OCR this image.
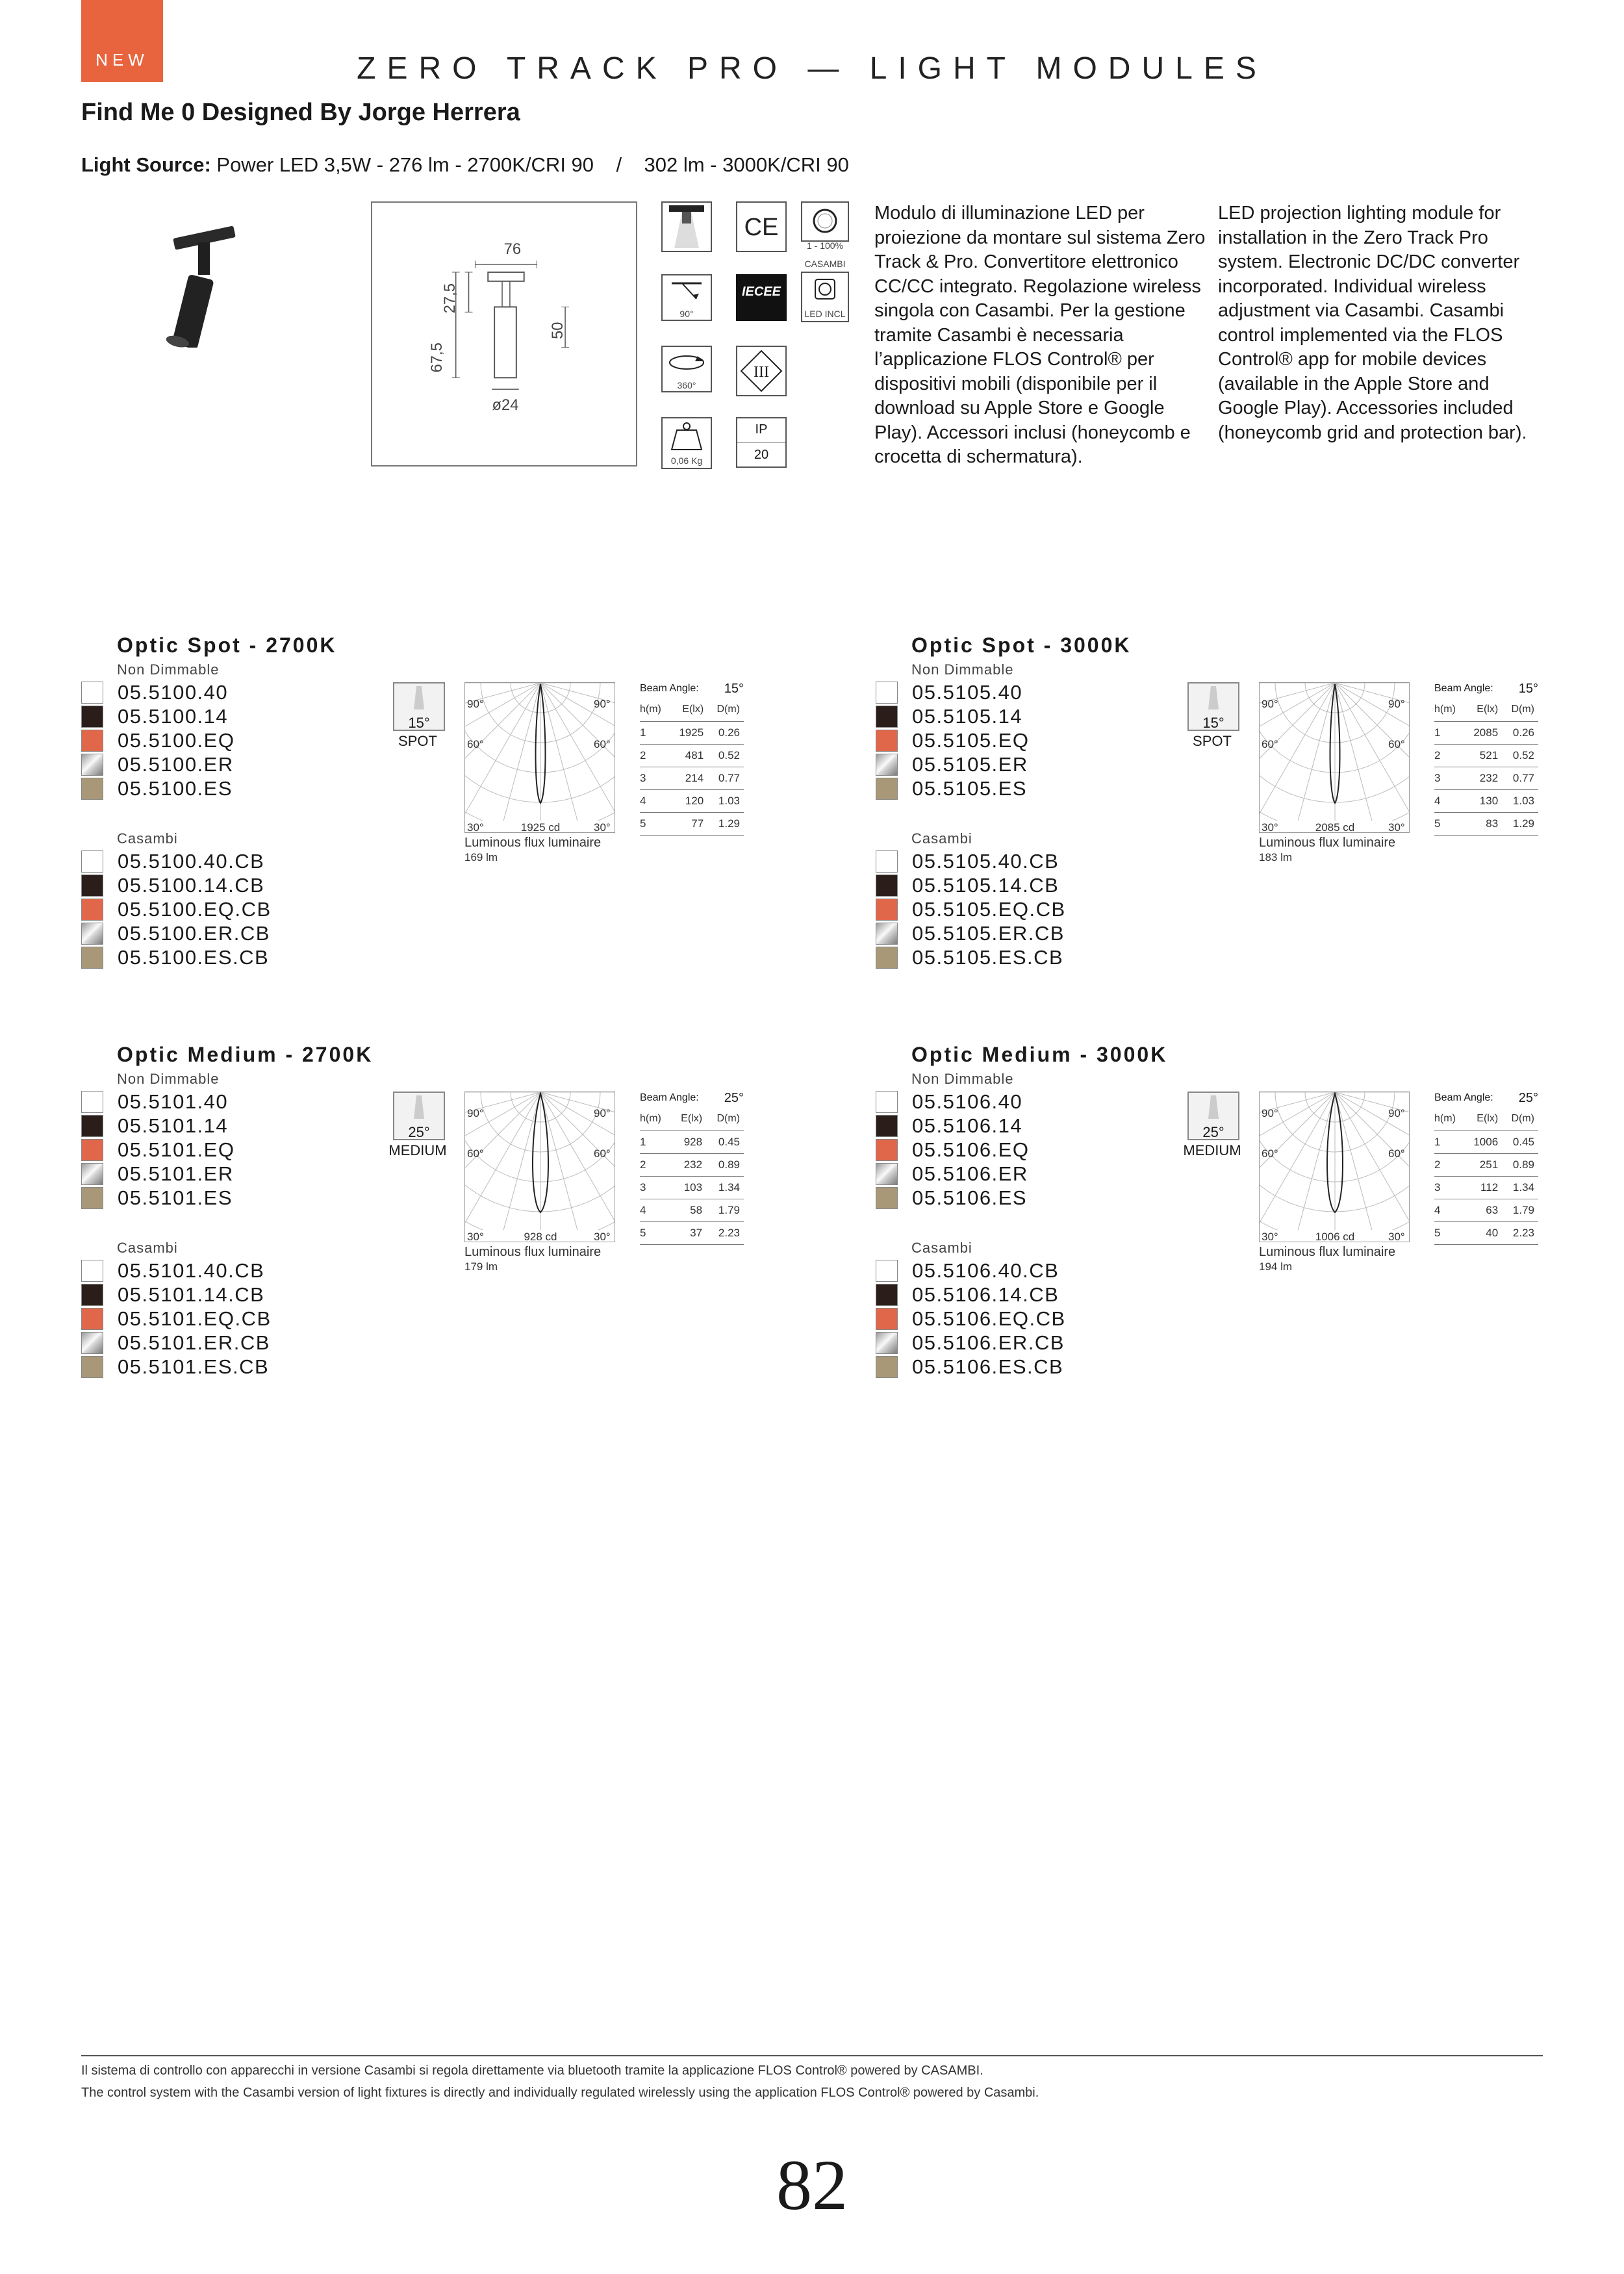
NEW	ZERO TRACK PRO — LIGHT MODULES
Find Me 0 Designed By Jorge Herrera
Light Source: Power LED 3,5W - 276 lm - 2700K/CRI 90    /    302 lm - 3000K/CRI 90
76
27,5
67,5
50
ø24
CE
1 - 100%
CASAMBI
90°
IECEE
LED INCL
360°
III
0,06 Kg
IP
20
Modulo di illuminazione LED per proiezione da montare sul sistema Zero Track & Pro. Convertitore elettronico CC/CC integrato. Regolazione wireless singola con Casambi. Per la gestione tramite Casambi è necessaria l’applicazione FLOS Control® per dispositivi mobili (disponibile per il download su Apple Store e Google Play). Accessori inclusi (honeycomb e crocetta di schermatura).
LED projection lighting module for installation in the Zero Track Pro system. Electronic DC/DC converter incorporated. Individual wireless adjustment via Casambi. Casambi control implemented via the FLOS Control® app for mobile devices (available in the Apple Store and Google Play). Accessories included (honeycomb grid and protection bar).
Optic Spot - 2700K
Non Dimmable
05.5100.40
05.5100.14
05.5100.EQ
05.5100.ER
05.5100.ES
Casambi
05.5100.40.CB
05.5100.14.CB
05.5100.EQ.CB
05.5100.ER.CB
05.5100.ES.CB
15°
SPOT
90°	90°
60°	60°
30°	1925 cd	30°
Luminous flux luminaire
169 lm
Beam Angle: 15°
h(m)	E(lx)	D(m)
1	1925	0.26
2	481	0.52
3	214	0.77
4	120	1.03
5	77	1.29
Optic Spot - 3000K
Non Dimmable
05.5105.40
05.5105.14
05.5105.EQ
05.5105.ER
05.5105.ES
Casambi
05.5105.40.CB
05.5105.14.CB
05.5105.EQ.CB
05.5105.ER.CB
05.5105.ES.CB
15°
SPOT
90°	90°
60°	60°
30°	2085 cd	30°
Luminous flux luminaire
183 lm
Beam Angle: 15°
h(m)	E(lx)	D(m)
1	2085	0.26
2	521	0.52
3	232	0.77
4	130	1.03
5	83	1.29
Optic Medium - 2700K
Non Dimmable
05.5101.40
05.5101.14
05.5101.EQ
05.5101.ER
05.5101.ES
Casambi
05.5101.40.CB
05.5101.14.CB
05.5101.EQ.CB
05.5101.ER.CB
05.5101.ES.CB
25°
MEDIUM
90°	90°
60°	60°
30°	928 cd	30°
Luminous flux luminaire
179 lm
Beam Angle: 25°
h(m)	E(lx)	D(m)
1	928	0.45
2	232	0.89
3	103	1.34
4	58	1.79
5	37	2.23
Optic Medium - 3000K
Non Dimmable
05.5106.40
05.5106.14
05.5106.EQ
05.5106.ER
05.5106.ES
Casambi
05.5106.40.CB
05.5106.14.CB
05.5106.EQ.CB
05.5106.ER.CB
05.5106.ES.CB
25°
MEDIUM
90°	90°
60°	60°
30°	1006 cd	30°
Luminous flux luminaire
194 lm
Beam Angle: 25°
h(m)	E(lx)	D(m)
1	1006	0.45
2	251	0.89
3	112	1.34
4	63	1.79
5	40	2.23
Il sistema di controllo con apparecchi in versione Casambi si regola direttamente via bluetooth tramite la applicazione FLOS Control® powered by CASAMBI.
The control system with the Casambi version of light fixtures is directly and individually regulated wirelessly using the application FLOS Control® powered by Casambi.
82
